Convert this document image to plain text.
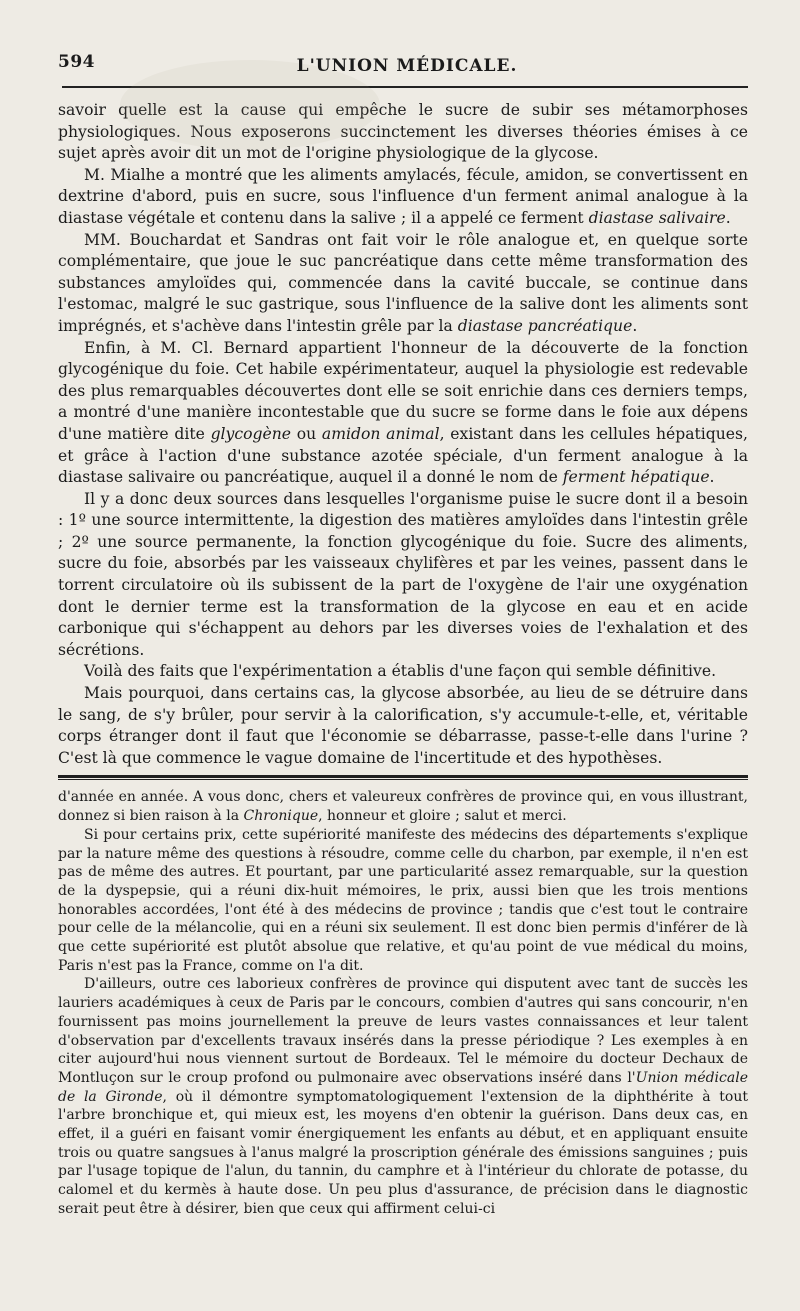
594	L'UNION MÉDICALE.

savoir quelle est la cause qui empêche le sucre de subir ses métamorphoses physiologiques. Nous exposerons succinctement les diverses théories émises à ce sujet après avoir dit un mot de l'origine physiologique de la glycose.

M. Mialhe a montré que les aliments amylacés, fécule, amidon, se convertissent en dextrine d'abord, puis en sucre, sous l'influence d'un ferment animal analogue à la diastase végétale et contenu dans la salive ; il a appelé ce ferment diastase salivaire.

MM. Bouchardat et Sandras ont fait voir le rôle analogue et, en quelque sorte complémentaire, que joue le suc pancréatique dans cette même transformation des substances amyloïdes qui, commencée dans la cavité buccale, se continue dans l'estomac, malgré le suc gastrique, sous l'influence de la salive dont les aliments sont imprégnés, et s'achève dans l'intestin grêle par la diastase pancréatique.

Enfin, à M. Cl. Bernard appartient l'honneur de la découverte de la fonction glycogénique du foie. Cet habile expérimentateur, auquel la physiologie est redevable des plus remarquables découvertes dont elle se soit enrichie dans ces derniers temps, a montré d'une manière incontestable que du sucre se forme dans le foie aux dépens d'une matière dite glycogène ou amidon animal, existant dans les cellules hépatiques, et grâce à l'action d'une substance azotée spéciale, d'un ferment analogue à la diastase salivaire ou pancréatique, auquel il a donné le nom de ferment hépatique.

Il y a donc deux sources dans lesquelles l'organisme puise le sucre dont il a besoin : 1º une source intermittente, la digestion des matières amyloïdes dans l'intestin grêle ; 2º une source permanente, la fonction glycogénique du foie. Sucre des aliments, sucre du foie, absorbés par les vaisseaux chylifères et par les veines, passent dans le torrent circulatoire où ils subissent de la part de l'oxygène de l'air une oxygénation dont le dernier terme est la transformation de la glycose en eau et en acide carbonique qui s'échappent au dehors par les diverses voies de l'exhalation et des sécrétions.

Voilà des faits que l'expérimentation a établis d'une façon qui semble définitive.

Mais pourquoi, dans certains cas, la glycose absorbée, au lieu de se détruire dans le sang, de s'y brûler, pour servir à la calorification, s'y accumule-t-elle, et, véritable corps étranger dont il faut que l'économie se débarrasse, passe-t-elle dans l'urine ? C'est là que commence le vague domaine de l'incertitude et des hypothèses.

d'année en année. A vous donc, chers et valeureux confrères de province qui, en vous illustrant, donnez si bien raison à la Chronique, honneur et gloire ; salut et merci.

Si pour certains prix, cette supériorité manifeste des médecins des départements s'explique par la nature même des questions à résoudre, comme celle du charbon, par exemple, il n'en est pas de même des autres. Et pourtant, par une particularité assez remarquable, sur la question de la dyspepsie, qui a réuni dix-huit mémoires, le prix, aussi bien que les trois mentions honorables accordées, l'ont été à des médecins de province ; tandis que c'est tout le contraire pour celle de la mélancolie, qui en a réuni six seulement. Il est donc bien permis d'inférer de là que cette supériorité est plutôt absolue que relative, et qu'au point de vue médical du moins, Paris n'est pas la France, comme on l'a dit.

D'ailleurs, outre ces laborieux confrères de province qui disputent avec tant de succès les lauriers académiques à ceux de Paris par le concours, combien d'autres qui sans concourir, n'en fournissent pas moins journellement la preuve de leurs vastes connaissances et leur talent d'observation par d'excellents travaux insérés dans la presse périodique ? Les exemples à en citer aujourd'hui nous viennent surtout de Bordeaux. Tel le mémoire du docteur Dechaux de Montluçon sur le croup profond ou pulmonaire avec observations inséré dans l'Union médicale de la Gironde, où il démontre symptomatologiquement l'extension de la diphthérite à tout l'arbre bronchique et, qui mieux est, les moyens d'en obtenir la guérison. Dans deux cas, en effet, il a guéri en faisant vomir énergiquement les enfants au début, et en appliquant ensuite trois ou quatre sangsues à l'anus malgré la proscription générale des émissions sanguines ; puis par l'usage topique de l'alun, du tannin, du camphre et à l'intérieur du chlorate de potasse, du calomel et du kermès à haute dose. Un peu plus d'assurance, de précision dans le diagnostic serait peut être à désirer, bien que ceux qui affirment celui-ci
